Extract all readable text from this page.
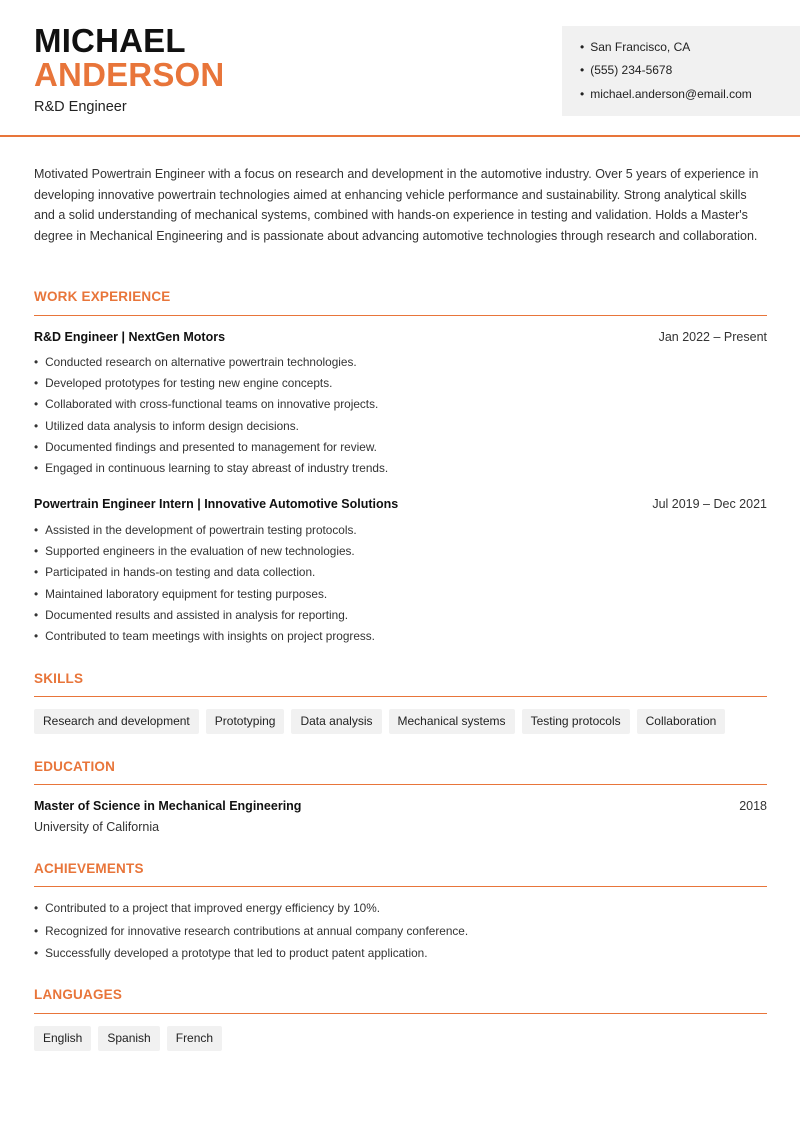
MICHAEL
ANDERSON
R&D Engineer
• San Francisco, CA
• (555) 234-5678
• michael.anderson@email.com
Motivated Powertrain Engineer with a focus on research and development in the automotive industry. Over 5 years of experience in developing innovative powertrain technologies aimed at enhancing vehicle performance and sustainability. Strong analytical skills and a solid understanding of mechanical systems, combined with hands-on experience in testing and validation. Holds a Master's degree in Mechanical Engineering and is passionate about advancing automotive technologies through research and collaboration.
WORK EXPERIENCE
R&D Engineer | NextGen Motors	Jan 2022 – Present
• Conducted research on alternative powertrain technologies.
• Developed prototypes for testing new engine concepts.
• Collaborated with cross-functional teams on innovative projects.
• Utilized data analysis to inform design decisions.
• Documented findings and presented to management for review.
• Engaged in continuous learning to stay abreast of industry trends.
Powertrain Engineer Intern | Innovative Automotive Solutions	Jul 2019 – Dec 2021
• Assisted in the development of powertrain testing protocols.
• Supported engineers in the evaluation of new technologies.
• Participated in hands-on testing and data collection.
• Maintained laboratory equipment for testing purposes.
• Documented results and assisted in analysis for reporting.
• Contributed to team meetings with insights on project progress.
SKILLS
Research and development	Prototyping	Data analysis	Mechanical systems	Testing protocols	Collaboration
EDUCATION
Master of Science in Mechanical Engineering	2018
University of California
ACHIEVEMENTS
• Contributed to a project that improved energy efficiency by 10%.
• Recognized for innovative research contributions at annual company conference.
• Successfully developed a prototype that led to product patent application.
LANGUAGES
English	Spanish	French
